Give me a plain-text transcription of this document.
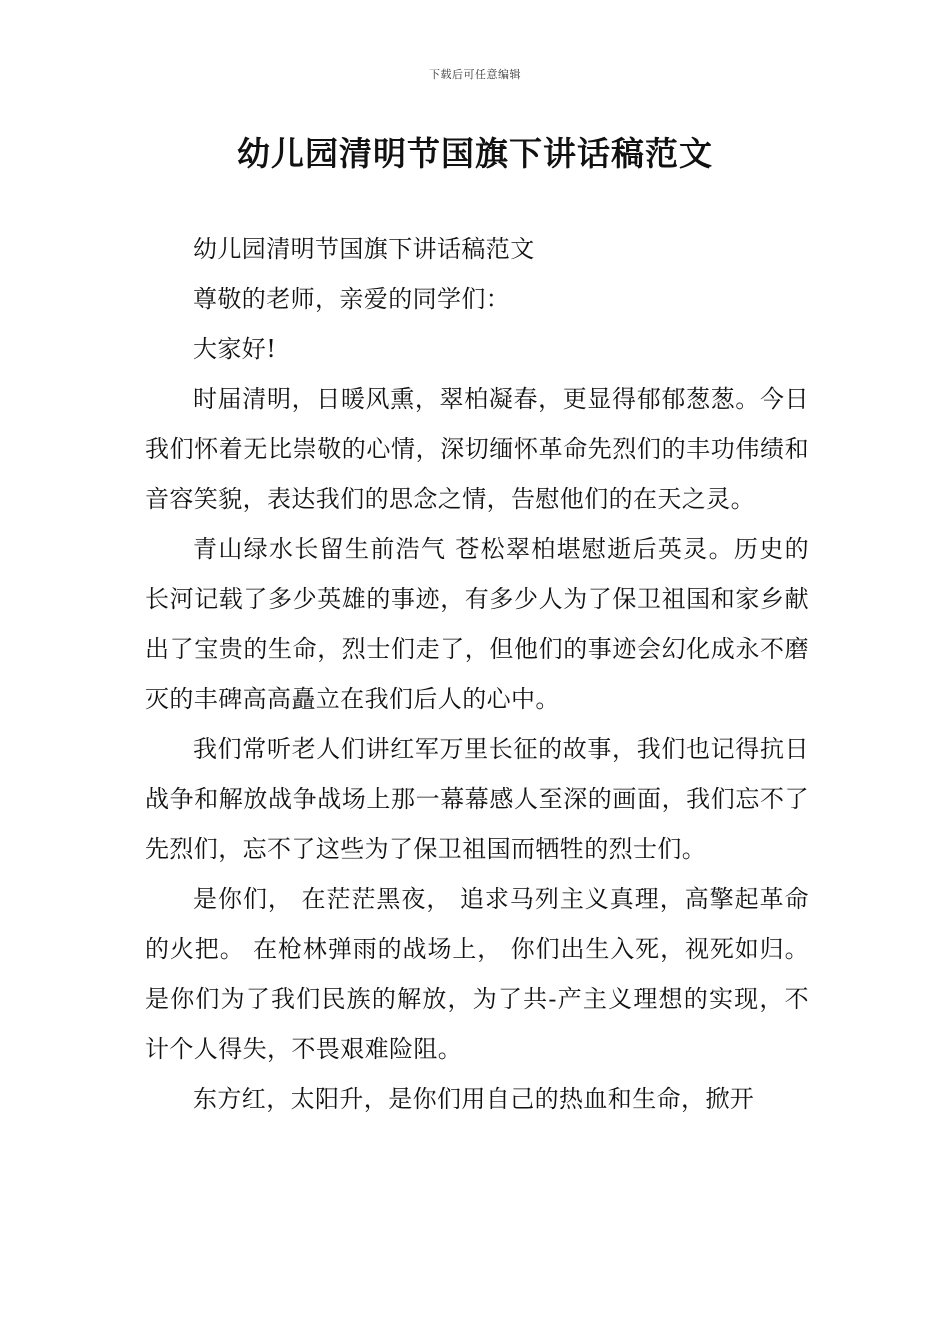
下载后可任意编辑
幼儿园清明节国旗下讲话稿范文

幼儿园清明节国旗下讲话稿范文

尊敬的老师，亲爱的同学们：

大家好!

时届清明，日暖风熏，翠柏凝春，更显得郁郁葱葱。今日我们怀着无比崇敬的心情，深切缅怀革命先烈们的丰功伟绩和音容笑貌，表达我们的思念之情，告慰他们的在天之灵。

青山绿水长留生前浩气 苍松翠柏堪慰逝后英灵。历史的长河记载了多少英雄的事迹，有多少人为了保卫祖国和家乡献出了宝贵的生命，烈士们走了，但他们的事迹会幻化成永不磨灭的丰碑高高矗立在我们后人的心中。

我们常听老人们讲红军万里长征的故事，我们也记得抗日战争和解放战争战场上那一幕幕感人至深的画面，我们忘不了先烈们，忘不了这些为了保卫祖国而牺牲的烈士们。

是你们， 在茫茫黑夜， 追求马列主义真理，高擎起革命的火把。 在枪林弹雨的战场上， 你们出生入死，视死如归。是你们为了我们民族的解放，为了共-产主义理想的实现，不计个人得失，不畏艰难险阻。

东方红，太阳升，是你们用自己的热血和生命，掀开
